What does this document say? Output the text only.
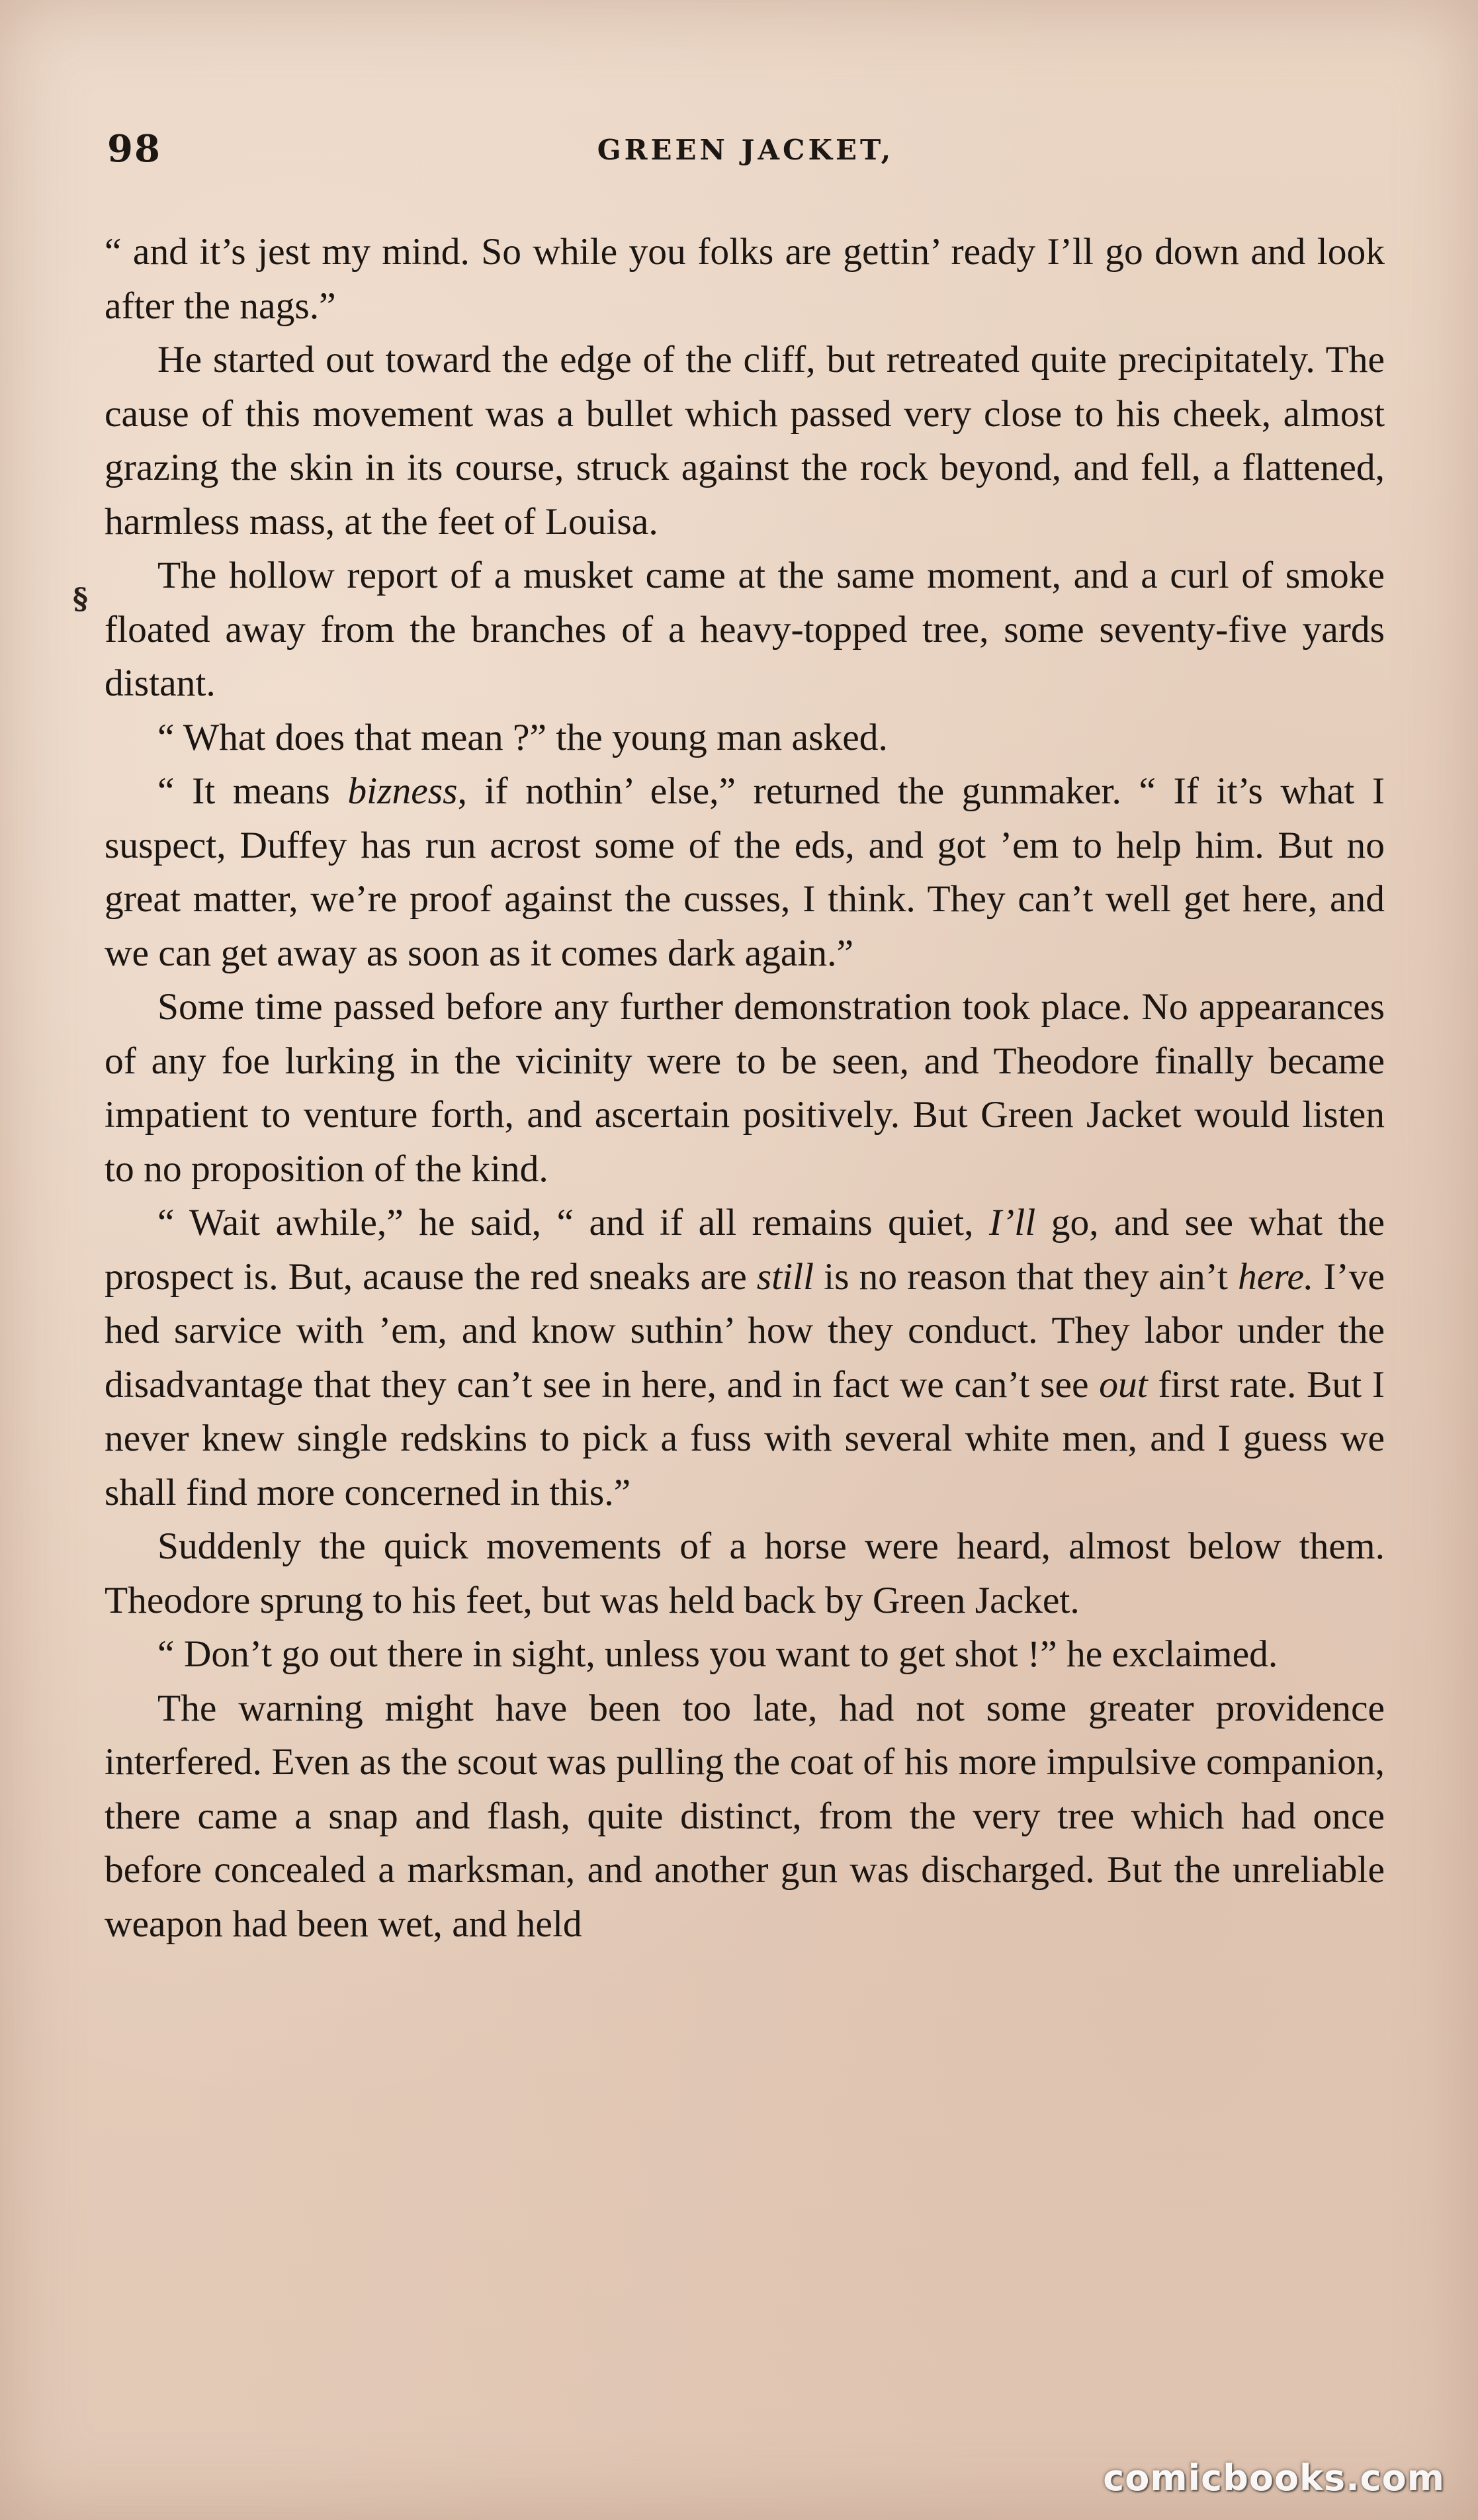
98	GREEN JACKET,
§

“ and it’s jest my mind. So while you folks are gettin’ ready I’ll go down and look after the nags.”

He started out toward the edge of the cliff, but retreated quite precipitately. The cause of this movement was a bullet which passed very close to his cheek, almost grazing the skin in its course, struck against the rock beyond, and fell, a flattened, harmless mass, at the feet of Louisa.

The hollow report of a musket came at the same moment, and a curl of smoke floated away from the branches of a heavy-topped tree, some seventy-five yards distant.

“ What does that mean ?” the young man asked.

“ It means bizness, if nothin’ else,” returned the gunmaker. “ If it’s what I suspect, Duffey has run acrost some of the eds, and got ’em to help him. But no great matter, we’re proof against the cusses, I think. They can’t well get here, and we can get away as soon as it comes dark again.”

Some time passed before any further demonstration took place. No appearances of any foe lurking in the vicinity were to be seen, and Theodore finally became impatient to venture forth, and ascertain positively. But Green Jacket would listen to no proposition of the kind.

“ Wait awhile,” he said, “ and if all remains quiet, I’ll go, and see what the prospect is. But, acause the red sneaks are still is no reason that they ain’t here. I’ve hed sarvice with ’em, and know suthin’ how they conduct. They labor under the disadvantage that they can’t see in here, and in fact we can’t see out first rate. But I never knew single redskins to pick a fuss with several white men, and I guess we shall find more concerned in this.”

Suddenly the quick movements of a horse were heard, almost below them. Theodore sprung to his feet, but was held back by Green Jacket.

“ Don’t go out there in sight, unless you want to get shot !” he exclaimed.

The warning might have been too late, had not some greater providence interfered. Even as the scout was pulling the coat of his more impulsive companion, there came a snap and flash, quite distinct, from the very tree which had once before concealed a marksman, and another gun was discharged. But the unreliable weapon had been wet, and held

comicbooks.com
